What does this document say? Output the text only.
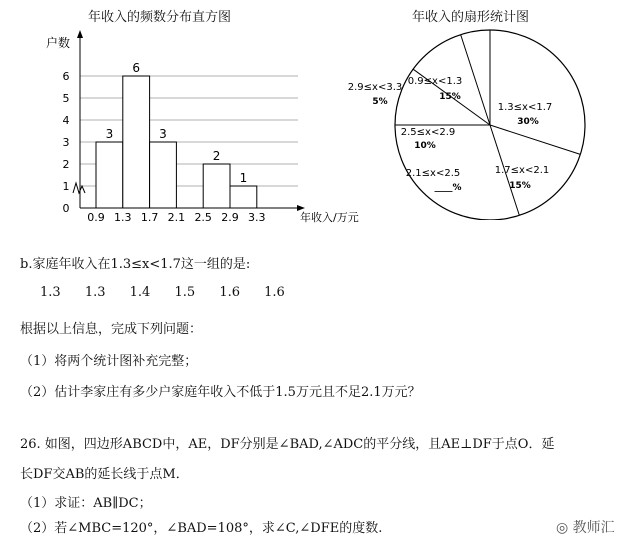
年收入的频数分布直方图
户数
年收入/万元
0
1
2
3
4
5
6
0.9 1.3 1.7 2.1 2.5 2.9 3.3
3
6
3
2
1
年收入的扇形统计图
0.9≤x<1.3
15%
1.3≤x<1.7
30%
1.7≤x<2.1
15%
2.1≤x<2.5
____%
2.5≤x<2.9
10%
2.9≤x<3.3
5%
b.家庭年收入在1.3≤x<1.7这一组的是:
1.3 1.3 1.4 1.5 1.6 1.6
根据以上信息，完成下列问题：
（1）将两个统计图补充完整；
（2）估计李家庄有多少户家庭年收入不低于1.5万元且不足2.1万元？
26. 如图，四边形ABCD中，AE，DF分别是∠BAD,∠ADC的平分线，且AE⊥DF于点O．延
长DF交AB的延长线于点M．
（1）求证：AB∥DC；
（2）若∠MBC=120°，∠BAD=108°，求∠C,∠DFE的度数.	◎ 教师汇
